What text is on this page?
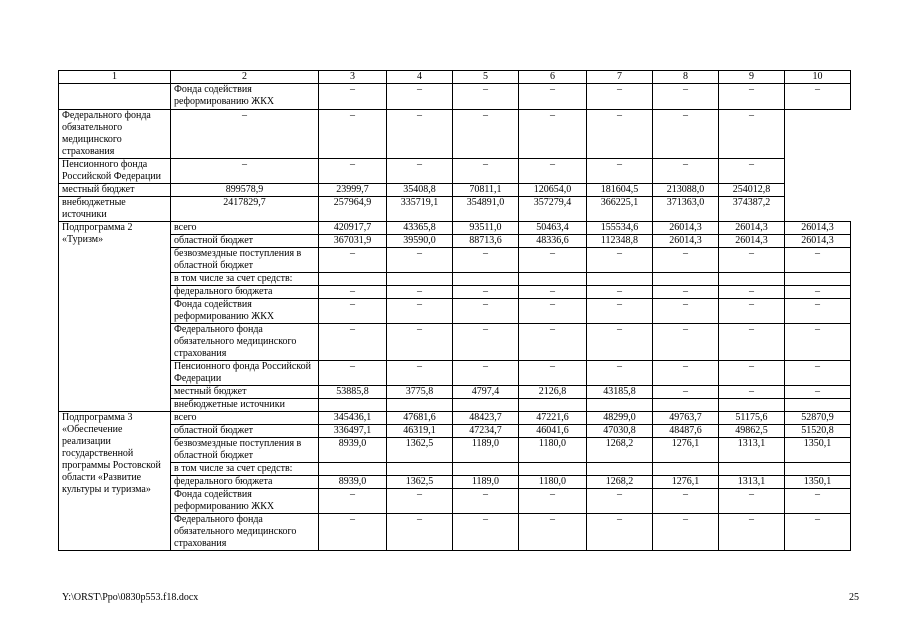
1	2	3	4	5	6	7	8	9	10
	Фонда содействия реформированию ЖКХ	–	–	–	–	–	–	–	–
Федерального фонда обязательного медицинского страхования	–	–	–	–	–	–	–	–	
Пенсионного фонда Российской Федерации	–	–	–	–	–	–	–	–	
местный бюджет	899578,9	23999,7	35408,8	70811,1	120654,0	181604,5	213088,0	254012,8	
внебюджетные источники	2417829,7	257964,9	335719,1	354891,0	357279,4	366225,1	371363,0	374387,2	
Подпрограмма 2 «Туризм»	всего	420917,7	43365,8	93511,0	50463,4	155534,6	26014,3	26014,3	26014,3
	областной бюджет	367031,9	39590,0	88713,6	48336,6	112348,8	26014,3	26014,3	26014,3
	безвозмездные поступления в областной бюджет	–	–	–	–	–	–	–	–
	в том числе за счет средств:								
	федерального бюджета	–	–	–	–	–	–	–	–
	Фонда содействия реформированию ЖКХ	–	–	–	–	–	–	–	–
	Федерального фонда обязательного медицинского страхования	–	–	–	–	–	–	–	–
	Пенсионного фонда Российской Федерации	–	–	–	–	–	–	–	–
	местный бюджет	53885,8	3775,8	4797,4	2126,8	43185,8	–	–	–
	внебюджетные источники								
Подпрограмма 3 «Обеспечение реализации государственной программы Ростовской области «Развитие культуры и туризма»	всего	345436,1	47681,6	48423,7	47221,6	48299,0	49763,7	51175,6	52870,9
	областной бюджет	336497,1	46319,1	47234,7	46041,6	47030,8	48487,6	49862,5	51520,8
	безвозмездные поступления в областной бюджет	8939,0	1362,5	1189,0	1180,0	1268,2	1276,1	1313,1	1350,1
	в том числе за счет средств:								
	федерального бюджета	8939,0	1362,5	1189,0	1180,0	1268,2	1276,1	1313,1	1350,1
	Фонда содействия реформированию ЖКХ	–	–	–	–	–	–	–	–
	Федерального фонда обязательного медицинского страхования	–	–	–	–	–	–	–	–
Y:\ORST\Ppo\0830p553.f18.docx	25
